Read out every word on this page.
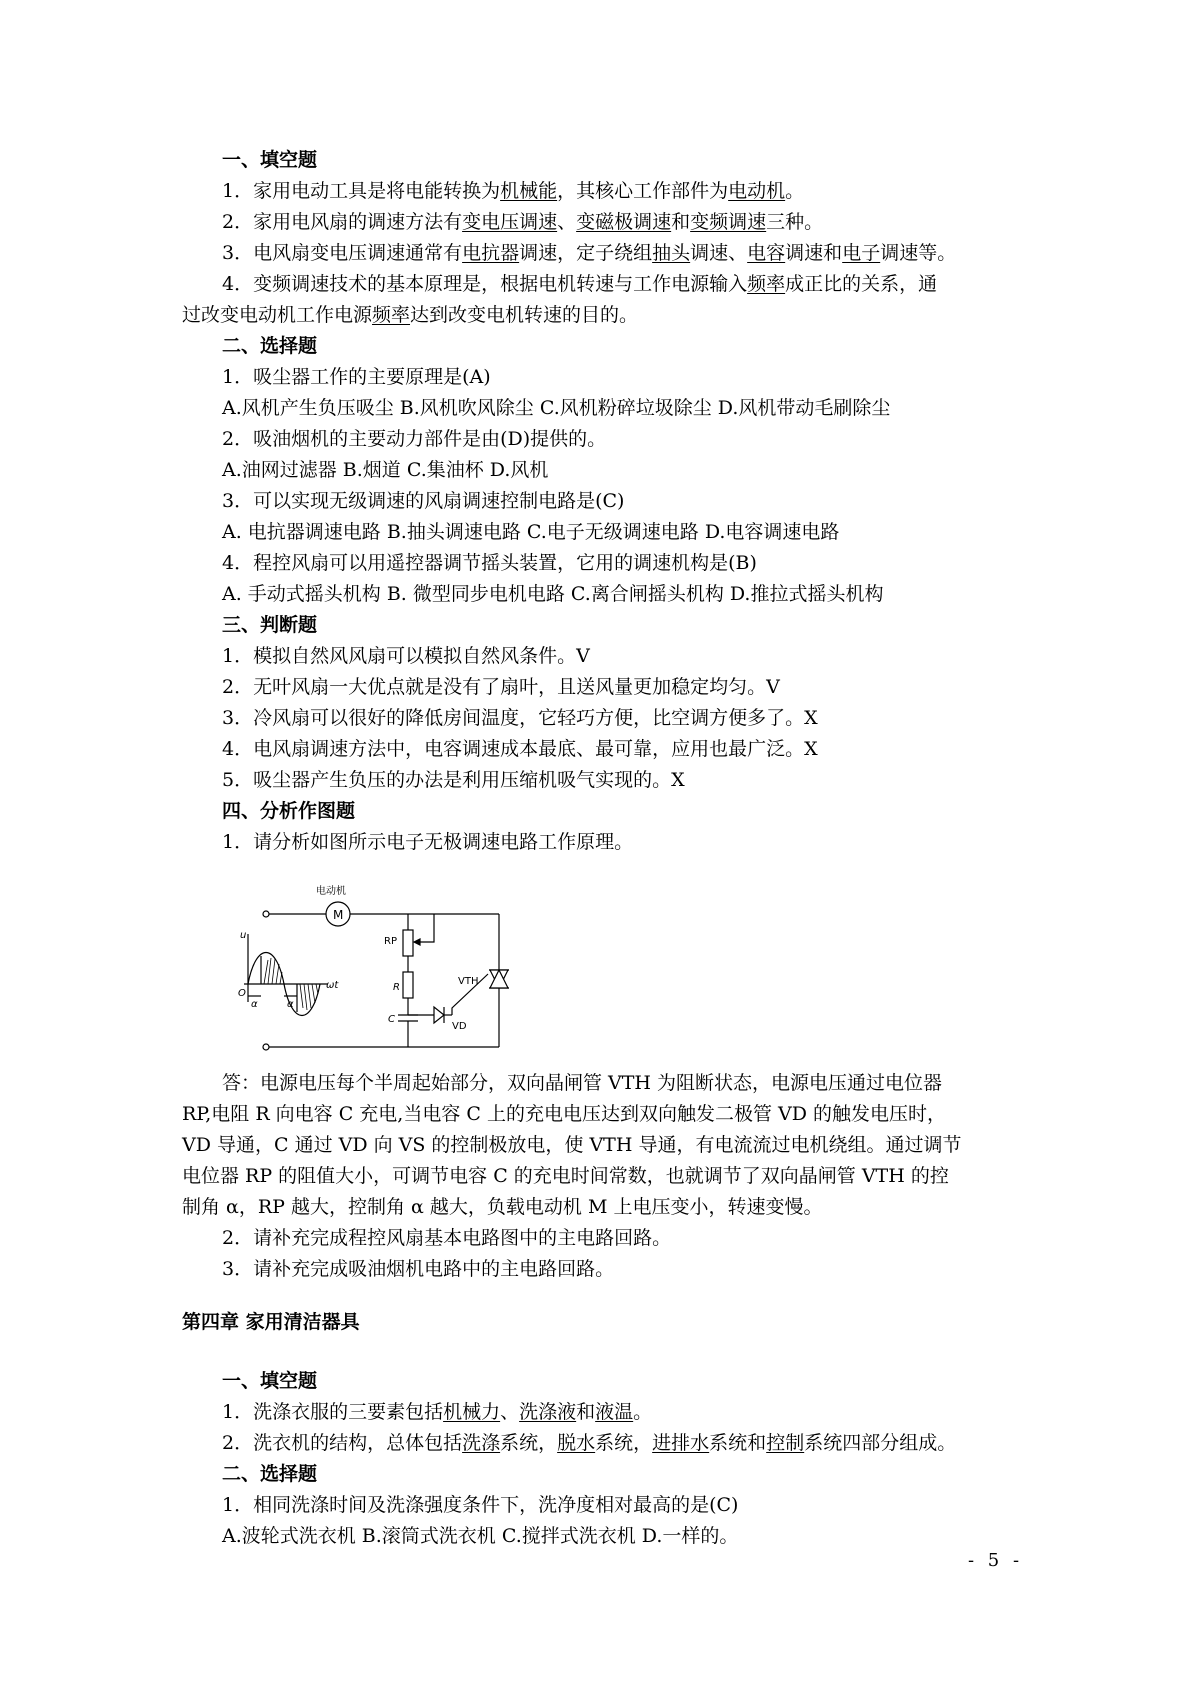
一、填空题
1．家用电动工具是将电能转换为机械能，其核心工作部件为电动机。
2．家用电风扇的调速方法有变电压调速、变磁极调速和变频调速三种。
3．电风扇变电压调速通常有电抗器调速，定子绕组抽头调速、电容调速和电子调速等。
4．变频调速技术的基本原理是，根据电机转速与工作电源输入频率成正比的关系，通
过改变电动机工作电源频率达到改变电机转速的目的。
二、选择题
1．吸尘器工作的主要原理是(A)
A.风机产生负压吸尘 B.风机吹风除尘 C.风机粉碎垃圾除尘 D.风机带动毛刷除尘
2．吸油烟机的主要动力部件是由(D)提供的。
A.油网过滤器 B.烟道 C.集油杯 D.风机
3．可以实现无级调速的风扇调速控制电路是(C)
A. 电抗器调速电路 B.抽头调速电路 C.电子无级调速电路 D.电容调速电路
4．程控风扇可以用遥控器调节摇头装置，它用的调速机构是(B)
A. 手动式摇头机构 B. 微型同步电机电路 C.离合闸摇头机构 D.推拉式摇头机构
三、判断题
1．模拟自然风风扇可以模拟自然风条件。V
2．无叶风扇一大优点就是没有了扇叶，且送风量更加稳定均匀。V
3．冷风扇可以很好的降低房间温度，它轻巧方便，比空调方便多了。X
4．电风扇调速方法中，电容调速成本最底、最可靠，应用也最广泛。X
5．吸尘器产生负压的办法是利用压缩机吸气实现的。X
四、分析作图题
1．请分析如图所示电子无极调速电路工作原理。
电动机
M
RP
R
C
VTH
VD
u
O
ωt
α	α
答：电源电压每个半周起始部分，双向晶闸管 VTH 为阻断状态，电源电压通过电位器
RP,电阻 R 向电容 C 充电,当电容 C 上的充电电压达到双向触发二极管 VD 的触发电压时，
VD 导通，C 通过 VD 向 VS 的控制极放电，使 VTH 导通，有电流流过电机绕组。通过调节
电位器 RP 的阻值大小，可调节电容 C 的充电时间常数，也就调节了双向晶闸管 VTH 的控
制角 α，RP 越大，控制角 α 越大，负载电动机 M 上电压变小，转速变慢。
2．请补充完成程控风扇基本电路图中的主电路回路。
3．请补充完成吸油烟机电路中的主电路回路。
第四章 家用清洁器具
一、填空题
1．洗涤衣服的三要素包括机械力、洗涤液和液温。
2．洗衣机的结构，总体包括洗涤系统，脱水系统，进排水系统和控制系统四部分组成。
二、选择题
1．相同洗涤时间及洗涤强度条件下，洗净度相对最高的是(C)
A.波轮式洗衣机 B.滚筒式洗衣机 C.搅拌式洗衣机 D.一样的。
- 5 -
